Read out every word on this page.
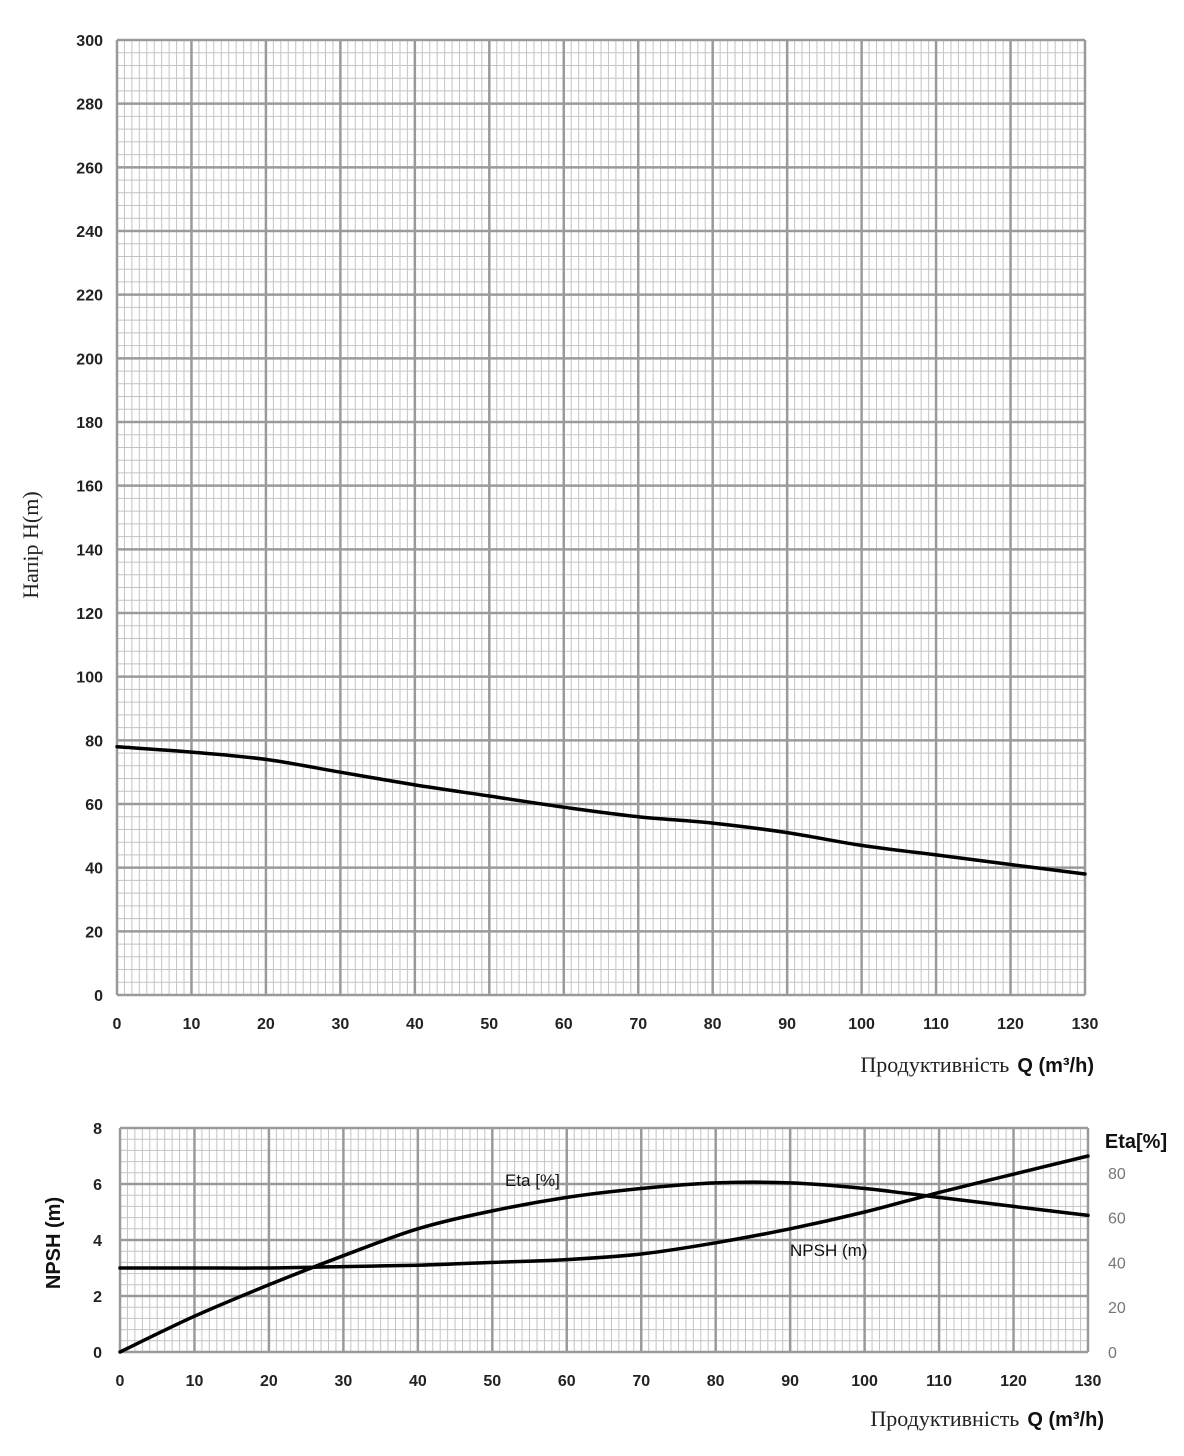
0	10	20	30	40	50	60	70	80	90	100	110	120	130
0
20
40
60
80
100
120
140
160
180
200
220
240
260
280
300
Напір H(m)
Продуктивність Q (m³/h)
0	10	20	30	40	50	60	70	80	90	100	110	120	130
0
2
4
6
8
0
20
40
60
80
NPSH (m)
Eta[%]
Продуктивність Q (m³/h)
Eta [%]
NPSH (m)
